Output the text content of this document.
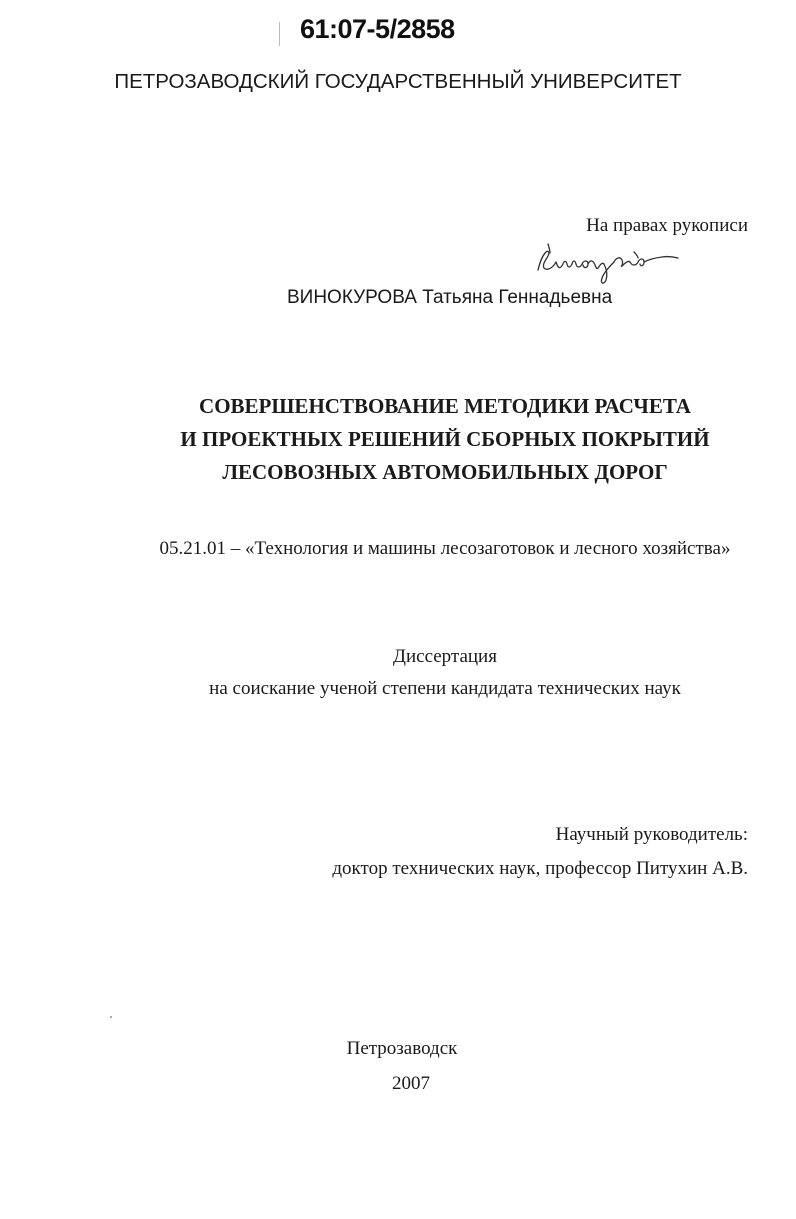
61:07-5/2858
ПЕТРОЗАВОДСКИЙ ГОСУДАРСТВЕННЫЙ УНИВЕРСИТЕТ
На правах рукописи
ВИНОКУРОВА Татьяна Геннадьевна
СОВЕРШЕНСТВОВАНИЕ МЕТОДИКИ РАСЧЕТА
И ПРОЕКТНЫХ РЕШЕНИЙ СБОРНЫХ ПОКРЫТИЙ
ЛЕСОВОЗНЫХ АВТОМОБИЛЬНЫХ ДОРОГ
05.21.01 – «Технология и машины лесозаготовок и лесного хозяйства»
Диссертация
на соискание ученой степени кандидата технических наук
Научный руководитель:
доктор технических наук, профессор Питухин А.В.
Петрозаводск
2007
